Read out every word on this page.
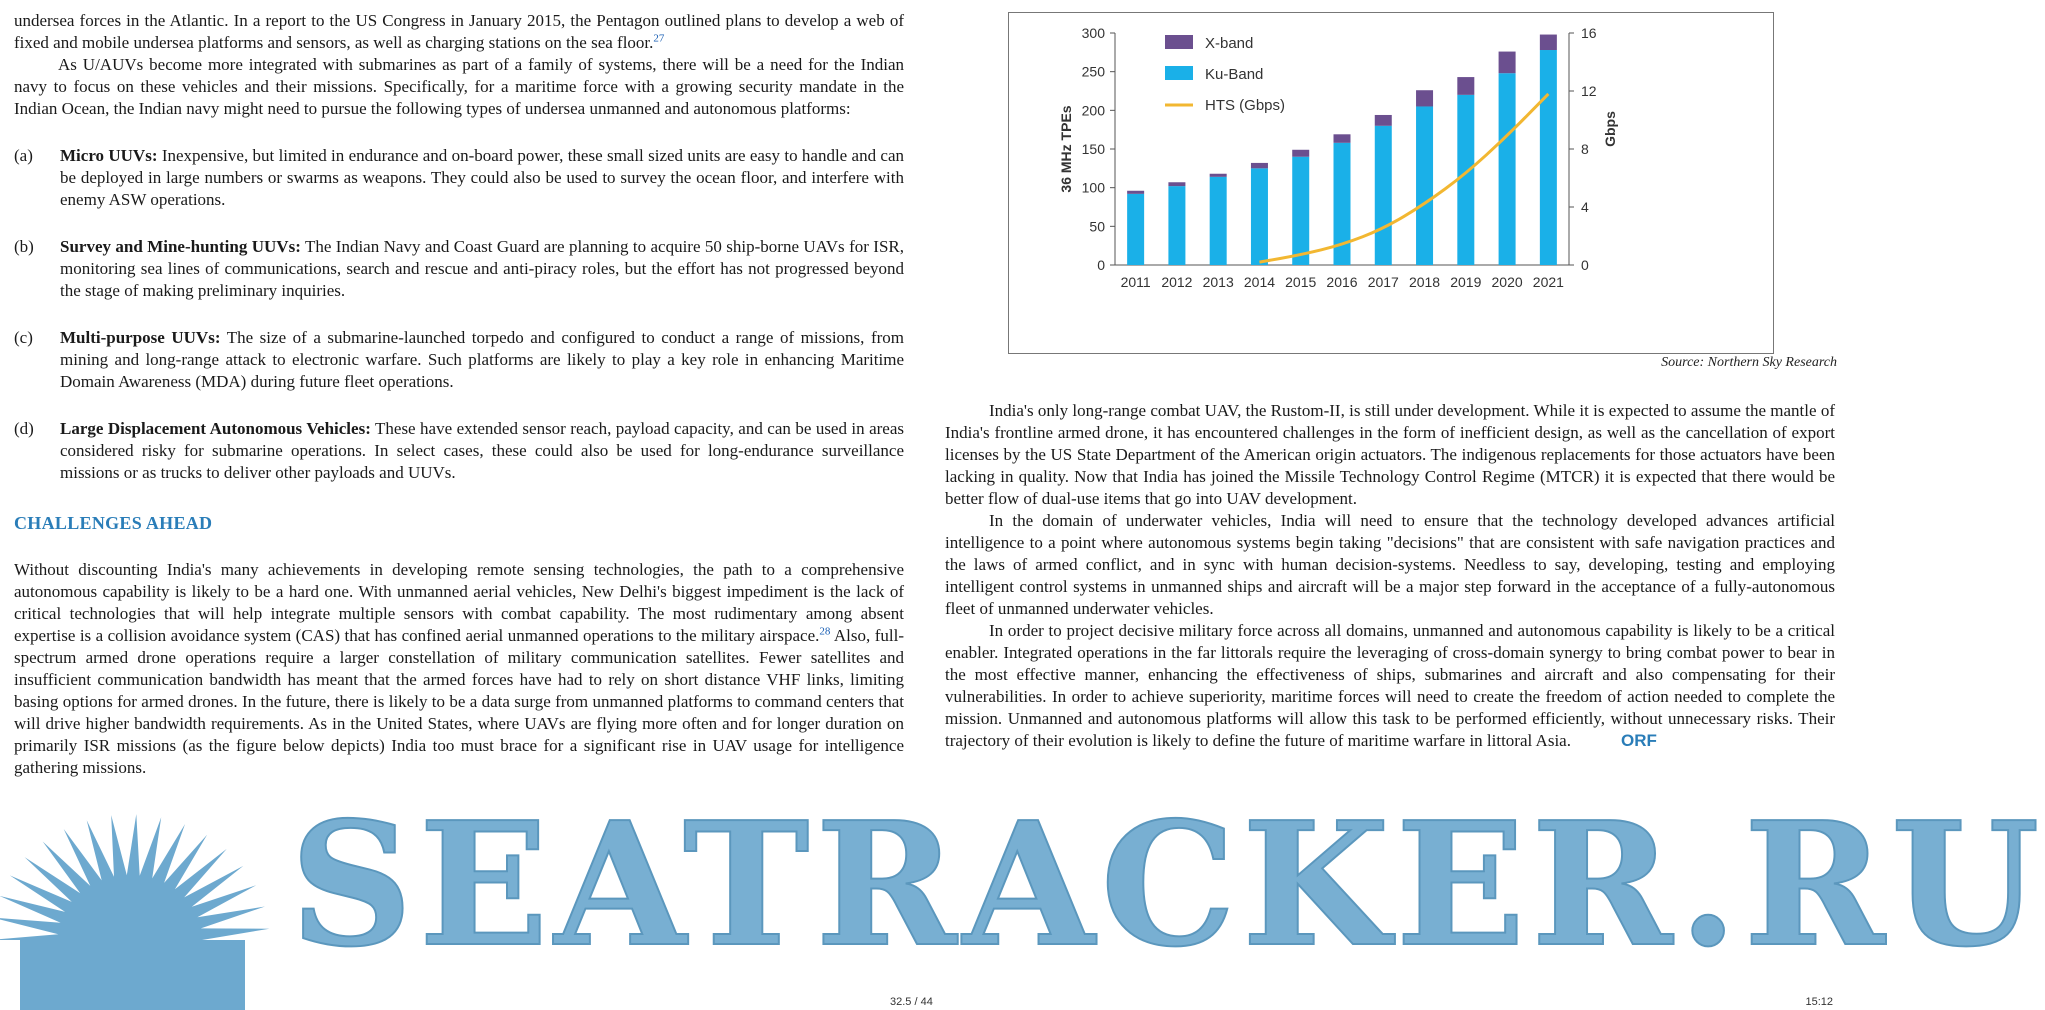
undersea forces in the Atlantic. In a report to the US Congress in January 2015, the Pentagon outlined plans to develop a web of fixed and mobile undersea platforms and sensors, as well as charging stations on the sea floor.$^{27}$

As U/AUVs become more integrated with submarines as part of a family of systems, there will be a need for the Indian navy to focus on these vehicles and their missions. Specifically, for a maritime force with a growing security mandate in the Indian Ocean, the Indian navy might need to pursue the following types of undersea unmanned and autonomous platforms:

(a)	Micro UUVs: Inexpensive, but limited in endurance and on-board power, these small sized units are easy to handle and can be deployed in large numbers or swarms as weapons. They could also be used to survey the ocean floor, and interfere with enemy ASW operations.
(b)	Survey and Mine-hunting UUVs: The Indian Navy and Coast Guard are planning to acquire 50 ship-borne UAVs for ISR, monitoring sea lines of communications, search and rescue and anti-piracy roles, but the effort has not progressed beyond the stage of making preliminary inquiries.
(c)	Multi-purpose UUVs: The size of a submarine-launched torpedo and configured to conduct a range of missions, from mining and long-range attack to electronic warfare. Such platforms are likely to play a key role in enhancing Maritime Domain Awareness (MDA) during future fleet operations.
(d)	Large Displacement Autonomous Vehicles: These have extended sensor reach, payload capacity, and can be used in areas considered risky for submarine operations. In select cases, these could also be used for long-endurance surveillance missions or as trucks to deliver other payloads and UUVs.
CHALLENGES AHEAD

Without discounting India's many achievements in developing remote sensing technologies, the path to a comprehensive autonomous capability is likely to be a hard one. With unmanned aerial vehicles, New Delhi's biggest impediment is the lack of critical technologies that will help integrate multiple sensors with combat capability. The most rudimentary among absent expertise is a collision avoidance system (CAS) that has confined aerial unmanned operations to the military airspace.$^{28}$ Also, full-spectrum armed drone operations require a larger constellation of military communication satellites. Fewer satellites and insufficient communication bandwidth has meant that the armed forces have had to rely on short distance VHF links, limiting basing options for armed drones. In the future, there is likely to be a data surge from unmanned platforms to command centers that will drive higher bandwidth requirements. As in the United States, where UAVs are flying more often and for longer duration on primarily ISR missions (as the figure below depicts) India too must brace for a significant rise in UAV usage for intelligence gathering missions.

0
50
100
150
200
250
300
0
4
8
12
16
36 MHz TPEs	Gbps
2011 2012 2013 2014 2015 2016 2017 2018 2019 2020 2021
X-band
Ku-Band
HTS (Gbps)
Source: Northern Sky Research

India's only long-range combat UAV, the Rustom-II, is still under development. While it is expected to assume the mantle of India's frontline armed drone, it has encountered challenges in the form of inefficient design, as well as the cancellation of export licenses by the US State Department of the American origin actuators. The indigenous replacements for those actuators have been lacking in quality. Now that India has joined the Missile Technology Control Regime (MTCR) it is expected that there would be better flow of dual-use items that go into UAV development.

In the domain of underwater vehicles, India will need to ensure that the technology developed advances artificial intelligence to a point where autonomous systems begin taking "decisions" that are consistent with safe navigation practices and the laws of armed conflict, and in sync with human decision-systems. Needless to say, developing, testing and employing intelligent control systems in unmanned ships and aircraft will be a major step forward in the acceptance of a fully-autonomous fleet of unmanned underwater vehicles.

In order to project decisive military force across all domains, unmanned and autonomous capability is likely to be a critical enabler. Integrated operations in the far littorals require the leveraging of cross-domain synergy to bring combat power to bear in the most effective manner, enhancing the effectiveness of ships, submarines and aircraft and also compensating for their vulnerabilities. In order to achieve superiority, maritime forces will need to create the freedom of action needed to complete the mission. Unmanned and autonomous platforms will allow this task to be performed efficiently, without unnecessary risks. Their trajectory of their evolution is likely to define the future of maritime warfare in littoral Asia.	ORF

SEATRACKER.RU
32.5 / 44	15:12
